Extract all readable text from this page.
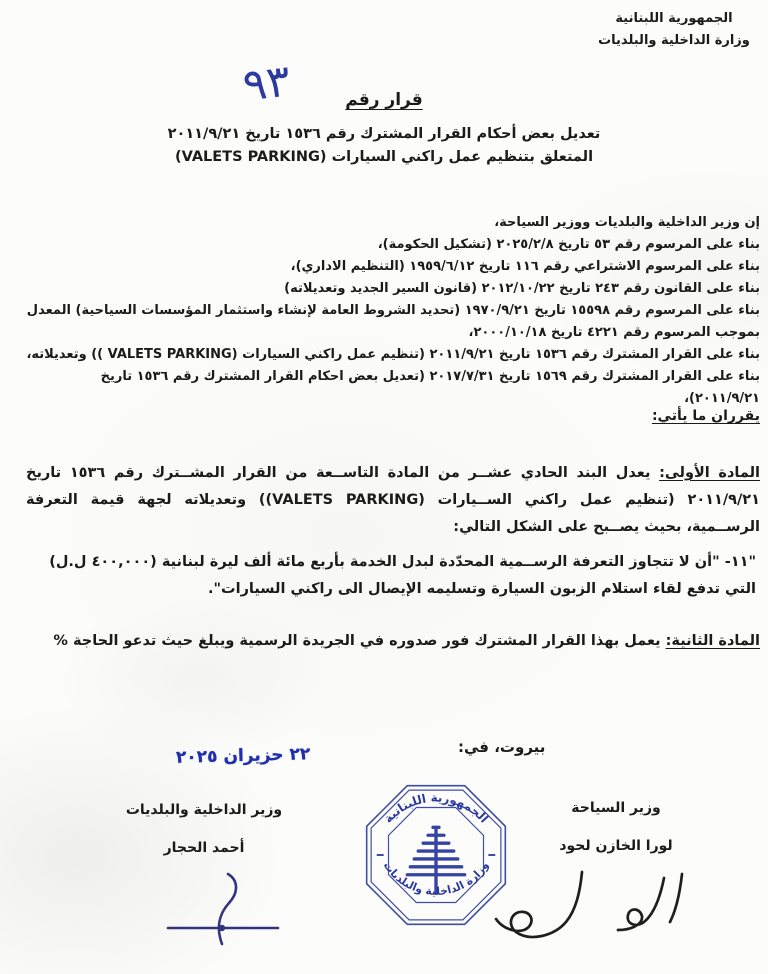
الجمهورية اللبنانية
وزارة الداخلية والبلديات
قرار رقم
٩٣
تعديل بعض أحكام القرار المشترك رقم ١٥٣٦ تاريخ ٢٠١١/٩/٢١
المتعلق بتنظيم عمل راكني السيارات (VALETS PARKING)
إن وزير الداخلية والبلديات ووزير السياحة،
بناء على المرسوم رقم ٥٣ تاريخ ٢٠٢٥/٢/٨ (تشكيل الحكومة)،
بناء على المرسوم الاشتراعي رقم ١١٦ تاريخ ١٩٥٩/٦/١٢ (التنظيم الاداري)،
بناء على القانون رقم ٢٤٣ تاريخ ٢٠١٢/١٠/٢٢ (قانون السير الجديد وتعديلاته)
بناء على المرسوم رقم ١٥٥٩٨ تاريخ ١٩٧٠/٩/٢١ (تحديد الشروط العامة لإنشاء واستثمار المؤسسات السياحية) المعدل بموجب المرسوم رقم ٤٢٢١ تاريخ ٢٠٠٠/١٠/١٨،
بناء على القرار المشترك رقم ١٥٣٦ تاريخ ٢٠١١/٩/٢١ (تنظيم عمل راكني السيارات (VALETS PARKING )) وتعديلاته،
بناء على القرار المشترك رقم ١٥٦٩ تاريخ ٢٠١٧/٧/٣١ (تعديل بعض احكام القرار المشترك رقم ١٥٣٦ تاريخ ٢٠١١/٩/٢١)،
يقرران ما يأتي:
المادة الأولى: يعدل البند الحادي عشــر من المادة التاســعة من القرار المشــترك رقم ١٥٣٦ تاريخ ٢٠١١/٩/٢١ (تنظيم عمل راكني الســيارات (VALETS PARKING)) وتعديلاته لجهة قيمة التعرفة الرســمية، بحيث يصــبح على الشكل التالي:
"١١- "أن لا تتجاوز التعرفة الرســمية المحدّدة لبدل الخدمة بأربع مائة ألف ليرة لبنانية (٤٠٠,٠٠٠ ل.ل) التي تدفع لقاء استلام الزبون السيارة وتسليمه الإيصال الى راكني السيارات".
المادة الثانية: يعمل بهذا القرار المشترك فور صدوره في الجريدة الرسمية ويبلغ حيث تدعو الحاجة %
بيروت، في:
٢٢ حزيران ٢٠٢٥
وزير السياحة
لورا الخازن لحود
وزير الداخلية والبلديات
أحمد الحجار
الجمهورية اللبنانية
وزارة الداخلية والبلديات
